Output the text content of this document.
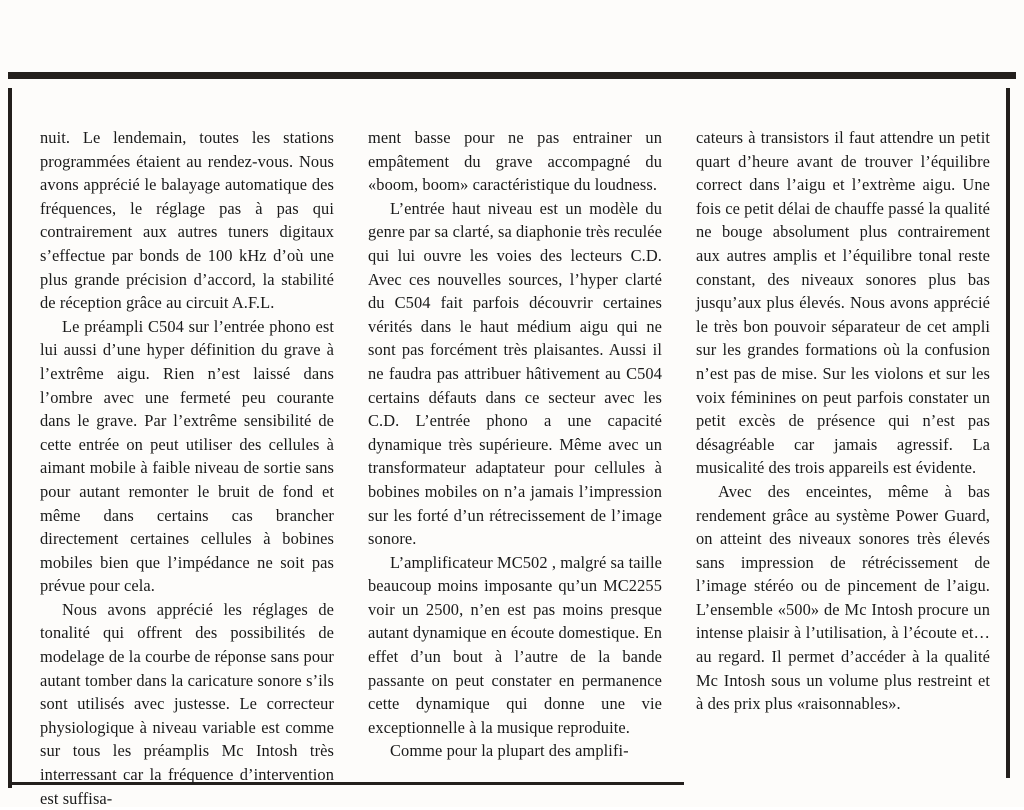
nuit. Le lendemain, toutes les stations programmées étaient au rendez-vous. Nous avons apprécié le balayage automatique des fréquences, le réglage pas à pas qui contrairement aux autres tuners digitaux s’effectue par bonds de 100 kHz d’où une plus grande précision d’accord, la stabilité de réception grâce au circuit A.F.L.

Le préampli C504 sur l’entrée phono est lui aussi d’une hyper définition du grave à l’extrême aigu. Rien n’est laissé dans l’ombre avec une fermeté peu courante dans le grave. Par l’extrême sensibilité de cette entrée on peut utiliser des cellules à aimant mobile à faible niveau de sortie sans pour autant remonter le bruit de fond et même dans certains cas brancher directement certaines cellules à bobines mobiles bien que l’impédance ne soit pas prévue pour cela.

Nous avons apprécié les réglages de tonalité qui offrent des possibilités de modelage de la courbe de réponse sans pour autant tomber dans la caricature sonore s’ils sont utilisés avec justesse. Le correcteur physiologique à niveau variable est comme sur tous les préamplis Mc Intosh très interressant car la fréquence d’intervention est suffisa-

ment basse pour ne pas entrainer un empâtement du grave accompagné du «boom, boom» caractéristique du loudness.

L’entrée haut niveau est un modèle du genre par sa clarté, sa diaphonie très reculée qui lui ouvre les voies des lecteurs C.D. Avec ces nouvelles sources, l’hyper clarté du C504 fait parfois découvrir certaines vérités dans le haut médium aigu qui ne sont pas forcément très plaisantes. Aussi il ne faudra pas attribuer hâtivement au C504 certains défauts dans ce secteur avec les C.D. L’entrée phono a une capacité dynamique très supérieure. Même avec un transformateur adaptateur pour cellules à bobines mobiles on n’a jamais l’impression sur les forté d’un rétrecissement de l’image sonore.

L’amplificateur MC502 , malgré sa taille beaucoup moins imposante qu’un MC2255 voir un 2500, n’en est pas moins presque autant dynamique en écoute domestique. En effet d’un bout à l’autre de la bande passante on peut constater en permanence cette dynamique qui donne une vie exceptionnelle à la musique reproduite.

Comme pour la plupart des amplifi-

cateurs à transistors il faut attendre un petit quart d’heure avant de trouver l’équilibre correct dans l’aigu et l’extrème aigu. Une fois ce petit délai de chauffe passé la qualité ne bouge absolument plus contrairement aux autres amplis et l’équilibre tonal reste constant, des niveaux sonores plus bas jusqu’aux plus élevés. Nous avons apprécié le très bon pouvoir séparateur de cet ampli sur les grandes formations où la confusion n’est pas de mise. Sur les violons et sur les voix féminines on peut parfois constater un petit excès de présence qui n’est pas désagréable car jamais agressif. La musicalité des trois appareils est évidente.

Avec des enceintes, même à bas rendement grâce au système Power Guard, on atteint des niveaux sonores très élevés sans impression de rétrécissement de l’image stéréo ou de pincement de l’aigu. L’ensemble «500» de Mc Intosh procure un intense plaisir à l’utilisation, à l’écoute et… au regard. Il permet d’accéder à la qualité Mc Intosh sous un volume plus restreint et à des prix plus «raisonnables».
